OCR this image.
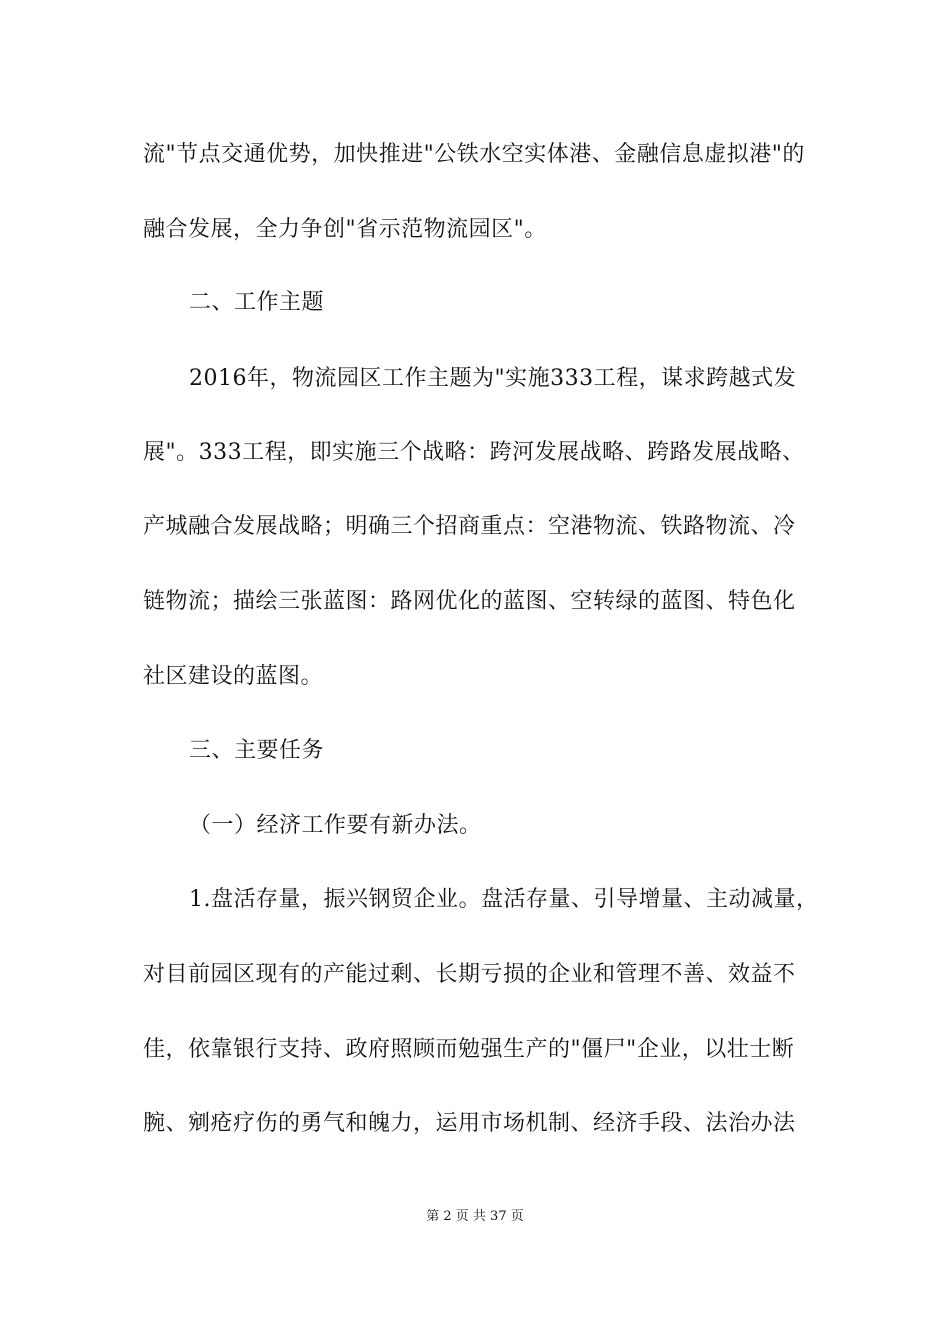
流"节点交通优势，加快推进"公铁水空实体港、金融信息虚拟港"的
融合发展，全力争创"省示范物流园区"。
二、工作主题
2016年，物流园区工作主题为"实施333工程，谋求跨越式发
展"。333工程，即实施三个战略：跨河发展战略、跨路发展战略、
产城融合发展战略；明确三个招商重点：空港物流、铁路物流、冷
链物流；描绘三张蓝图：路网优化的蓝图、空转绿的蓝图、特色化
社区建设的蓝图。
三、主要任务
（一）经济工作要有新办法。
1.盘活存量，振兴钢贸企业。盘活存量、引导增量、主动减量，
对目前园区现有的产能过剩、长期亏损的企业和管理不善、效益不
佳，依靠银行支持、政府照顾而勉强生产的"僵尸"企业，以壮士断
腕、剜疮疗伤的勇气和魄力，运用市场机制、经济手段、法治办法
第 2 页 共 37 页
